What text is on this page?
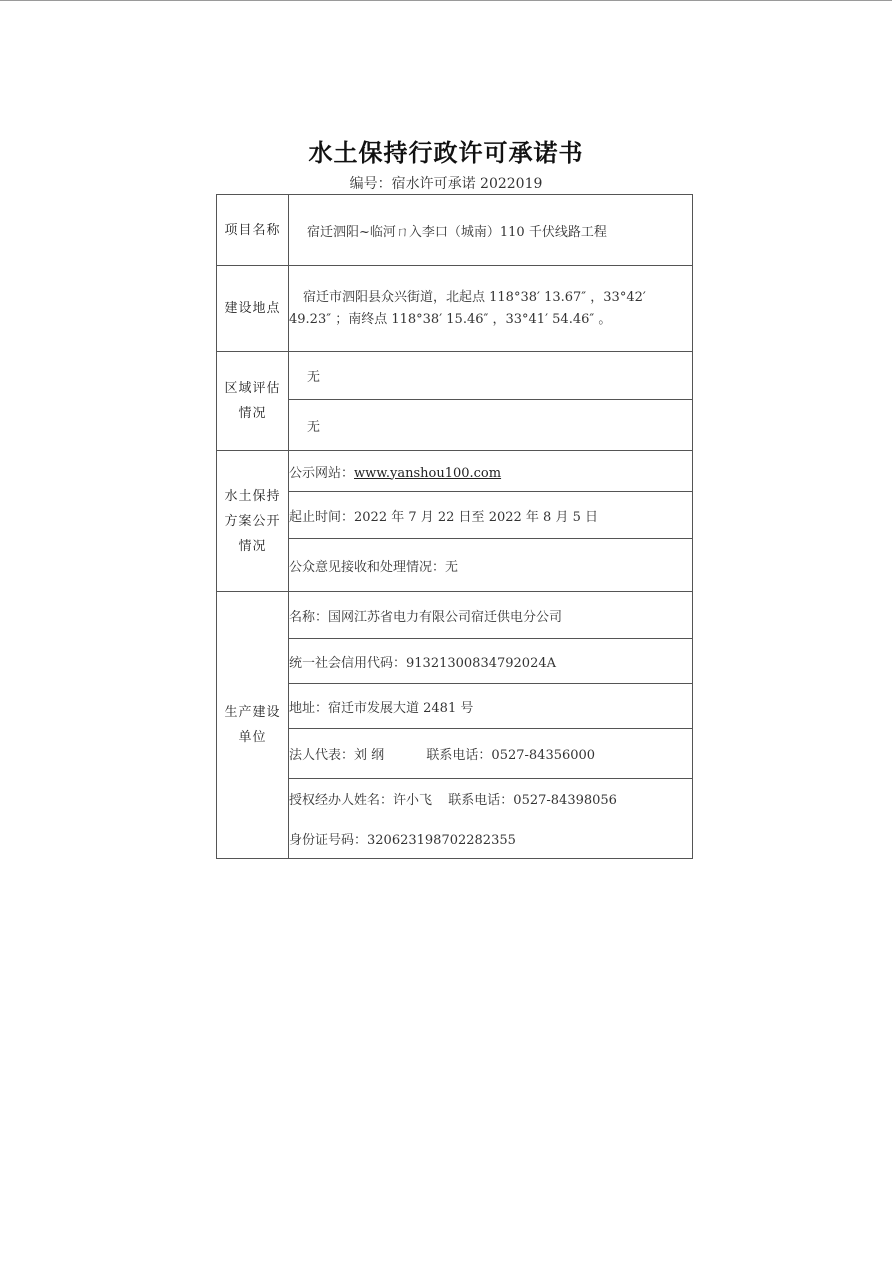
水土保持行政许可承诺书
编号：宿水许可承诺 2022019
项目名称	宿迁泗阳~临河ㄇ入李口（城南）110 千伏线路工程
建设地点	宿迁市泗阳县众兴街道，北起点 118°38′ 13.67″ ，33°42′ 49.23″ ；南终点 118°38′ 15.46″ ，33°41′ 54.46″ 。
区域评估
情况	无
	无
水土保持
方案公开
情况	公示网站：www.yanshou100.com
	起止时间：2022 年 7 月 22 日至 2022 年 8 月 5 日
	公众意见接收和处理情况：无
生产建设
单位	名称：国网江苏省电力有限公司宿迁供电分公司
	统一社会信用代码：91321300834792024A
	地址：宿迁市发展大道 2481 号
	法人代表：刘 纲 联系电话：0527-84356000
	授权经办人姓名：许小飞 联系电话：0527-84398056
	身份证号码：320623198702282355
